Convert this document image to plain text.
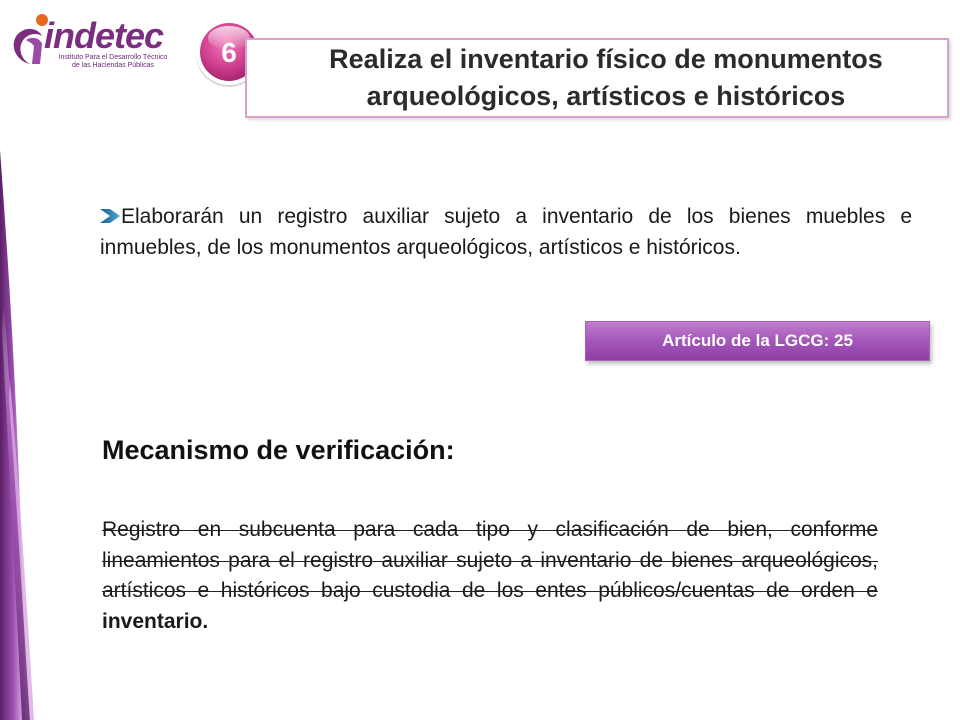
indetec
Instituto Para el Desarrollo Técnico
de las Haciendas Públicas	6	Realiza el inventario físico de monumentos
arqueológicos, artísticos e históricos
Elaborarán un registro auxiliar sujeto a inventario de los bienes muebles e inmuebles, de los monumentos arqueológicos, artísticos e históricos.
Artículo de la LGCG: 25
Mecanismo de verificación:
Registro en subcuenta para cada tipo y clasificación de bien, conforme lineamientos para el registro auxiliar sujeto a inventario de bienes arqueológicos, artísticos e históricos bajo custodia de los entes públicos/cuentas de orden e inventario.
